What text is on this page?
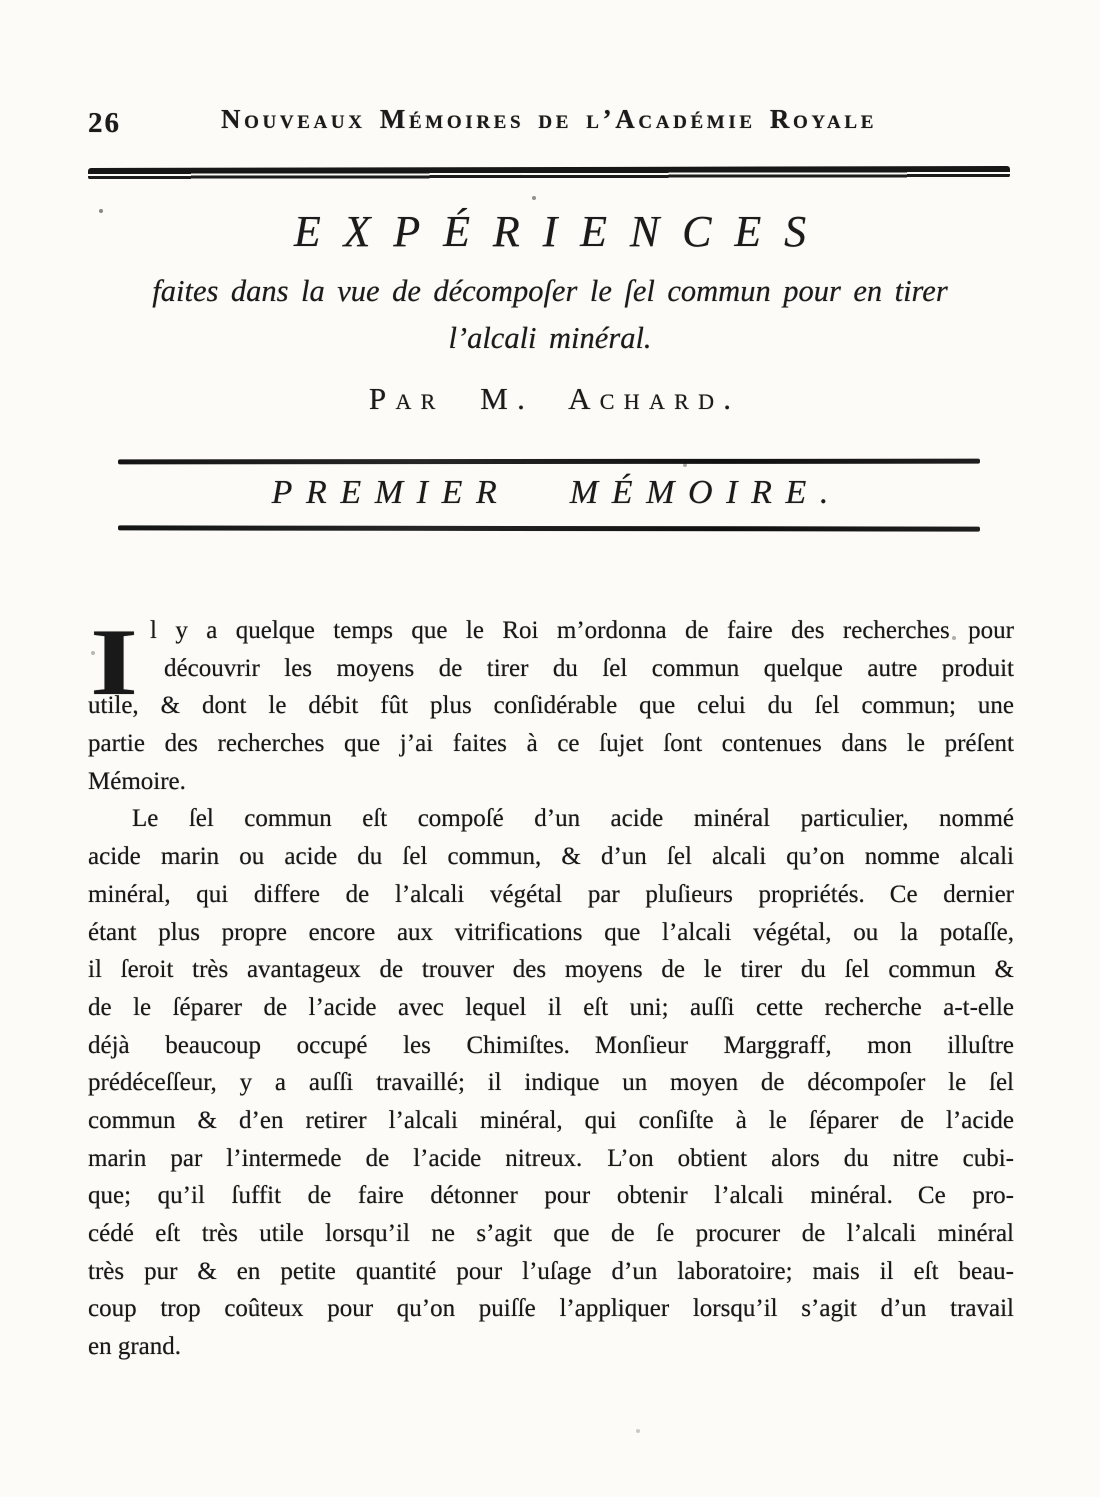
26	Nouveaux Mémoires de l’Académie Royale
EXPÉRIENCES
faites dans la vue de décompoſer le ſel commun pour en tirer
l’alcali minéral.
Par M. Achard.
PREMIER MÉMOIRE.
I l y a quelque temps que le Roi m’ordonna de faire des recherches pour
découvrir les moyens de tirer du ſel commun quelque autre produit
utile, & dont le débit fût plus conſidérable que celui du ſel commun; une
partie des recherches que j’ai faites à ce ſujet ſont contenues dans le préſent
Mémoire.
Le ſel commun eſt compoſé d’un acide minéral particulier, nommé
acide marin ou acide du ſel commun, & d’un ſel alcali qu’on nomme alcali
minéral, qui differe de l’alcali végétal par pluſieurs propriétés. Ce dernier
étant plus propre encore aux vitrifications que l’alcali végétal, ou la potaſſe,
il ſeroit très avantageux de trouver des moyens de le tirer du ſel commun &
de le ſéparer de l’acide avec lequel il eſt uni; auſſi cette recherche a-t-elle
déjà beaucoup occupé les Chimiſtes. Monſieur Marggraff, mon illuſtre
prédéceſſeur, y a auſſi travaillé; il indique un moyen de décompoſer le ſel
commun & d’en retirer l’alcali minéral, qui conſiſte à le ſéparer de l’acide
marin par l’intermede de l’acide nitreux. L’on obtient alors du nitre cubi-
que; qu’il ſuffit de faire détonner pour obtenir l’alcali minéral. Ce pro-
cédé eſt très utile lorsqu’il ne s’agit que de ſe procurer de l’alcali minéral
très pur & en petite quantité pour l’uſage d’un laboratoire; mais il eſt beau-
coup trop coûteux pour qu’on puiſſe l’appliquer lorsqu’il s’agit d’un travail
en grand.
